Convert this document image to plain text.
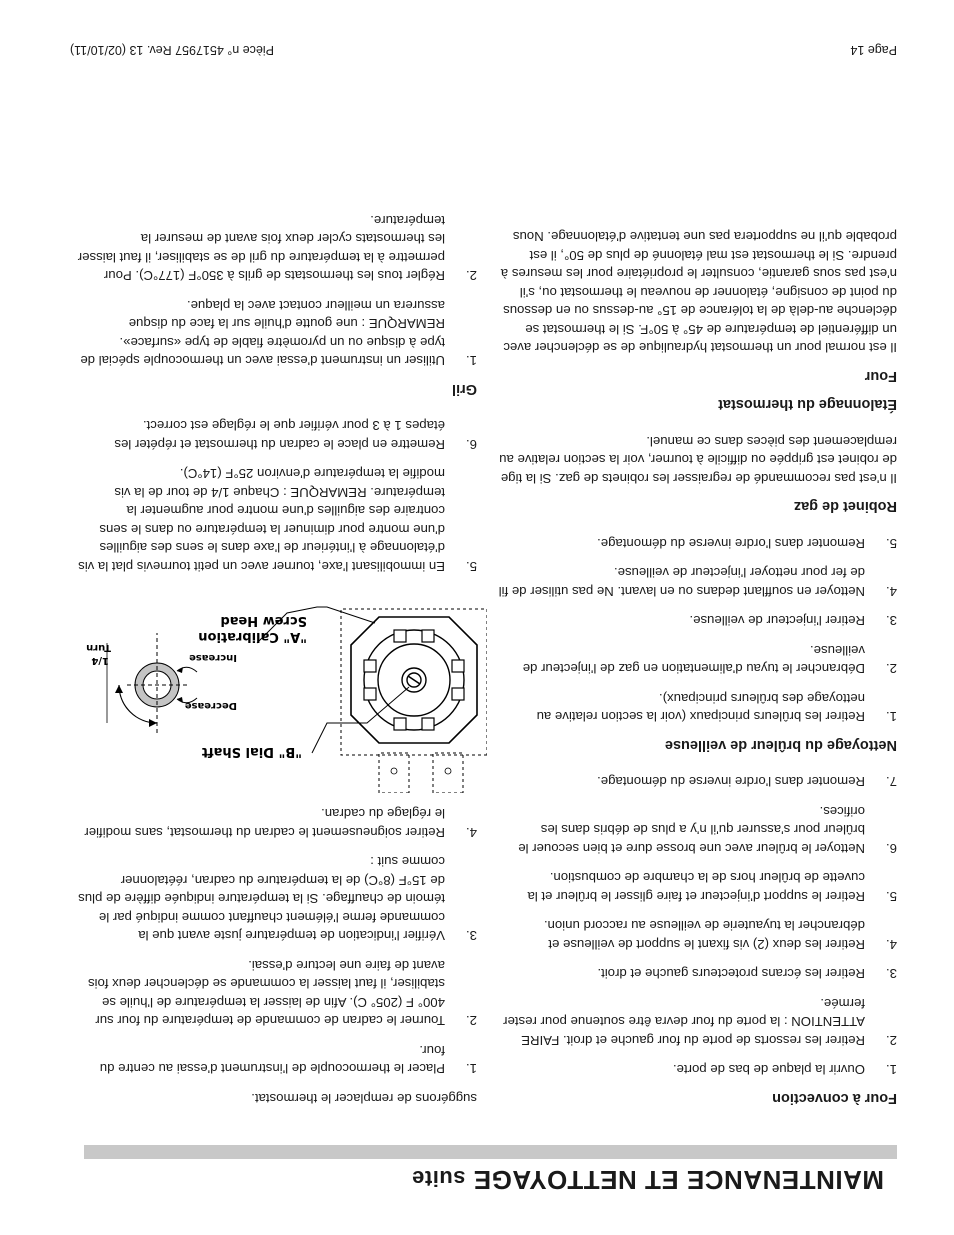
MAINTENANCE ET NETTOYAGE suite
Four à convection
1.
Ouvrir la plaque de bas de porte.
2.
Retirer les ressorts de porte du four gauche et droit. FAIRE ATTENTION : la porte du four devra être soutenue pour rester fermée.
3.
Retirer les écrans protecteurs gauche et droit.
4.
Retirer les deux (2) vis fixant le support de veilleuse et débrancher la tuyauterie de veilleuse au raccord union.
5.
Retirer le support d'injecteur et faire glisser le brûleur et la cuvette de brûleur hors de la chambre de combustion.
6.
Nettoyer le brûleur avec une brosse dure et bien secouer le brûleur pour s'assurer qu'il n'y a plus de débris dans les orifices.
7.
Remonter dans l'ordre inverse du démontage.
Nettoyage du brûleur de veilleuse
1.
Retirer les brûleurs principaux (voir la section relative au nettoyage des brûleurs principaux).
2.
Débrancher le tuyau d'alimentation en gaz de l'injecteur de veilleuse.
3.
Retirer l'injecteur de veilleuse.
4.
Nettoyer en soufflant dedans ou en lavant. Ne pas utiliser de fil de fer pour nettoyer l'injecteur de veilleuse.
5.
Remonter dans l'ordre inverse du démontage.
Robinet de gaz

Il n'est pas recommandé de regraisser les robinets de gaz. Si la tige de robinet est grippée ou difficile à tourner, voir la section relative au remplacement des pièces dans ce manuel.

Étalonnage du thermostat
Four

Il est normal pour un thermostat hydraulique de se déclencher avec un différentiel de température de 45° à 50°F. Si le thermostat se déclenche au-delà de la tolérance de 15° au-dessus ou en dessous du point de consigne, étalonner de nouveau le thermostat ou, s'il n'est pas sous garantie, consulter le propriétaire pour les mesures à prendre. Si le thermostat est mal étalonné de plus de 50°, il est probable qu'il ne supportera pas une tentative d'étalonnage. Nous

suggérons de remplacer le thermostat.

1.
Placer le thermocouple de l'instrument d'essai au centre du four.
2.
Tourner le cadran de commande de température du four sur 400° F (205° C). Afin de laisser la température de l'huile se stabiliser, il faut laisser la commande se déclencher deux fois avant de faire une lecture d'essai.
3.
Vérifier l'indication de température juste avant que la commande ferme l'élément chauffant comme indiqué par le témoin de chauffage. Si la température indiquée diffère de plus de 15°F (8°C) de la température du cadran, réétalonner comme suit :
4.
Retirer soigneusement le cadran du thermostat, sans modifier le réglage du cadran.
"B" Dial Shaft
"A" Calibration
Screw Head
Decrease
Increase
1/4
Turn
5.
En immobilisant l'axe, tourner avec un petit tournevis plat la vis d'étalonnage à l'intérieur de l'axe dans le sens des aiguilles d'une montre pour diminuer la température ou dans le sens contraire des aiguilles d'une montre pour augmenter la température. REMARQUE : Chaque 1/4 de tour de la vis modifie la température d'environ 25°F (14°C).
6.
Remettre en place le cadran du thermostat et répéter les étapes 1 à 3 pour vérifier que le réglage est correct.
Gril
1.
Utiliser un instrument d'essai avec un thermocouple spécial de type à disque ou un pyromètre fiable de type «surface». REMARQUE : une goutte d'huile sur la face du disque assurera un meilleur contact avec la plaque.
2.
Régler tous les thermostats de grils à 350°F (177°C). Pour permettre à la température du gril de se stabiliser, il faut laisser les thermostats cycler deux fois avant de mesurer la température.
Page 14
Pièce n° 4517957 Rev. 13 (02/10/11)
